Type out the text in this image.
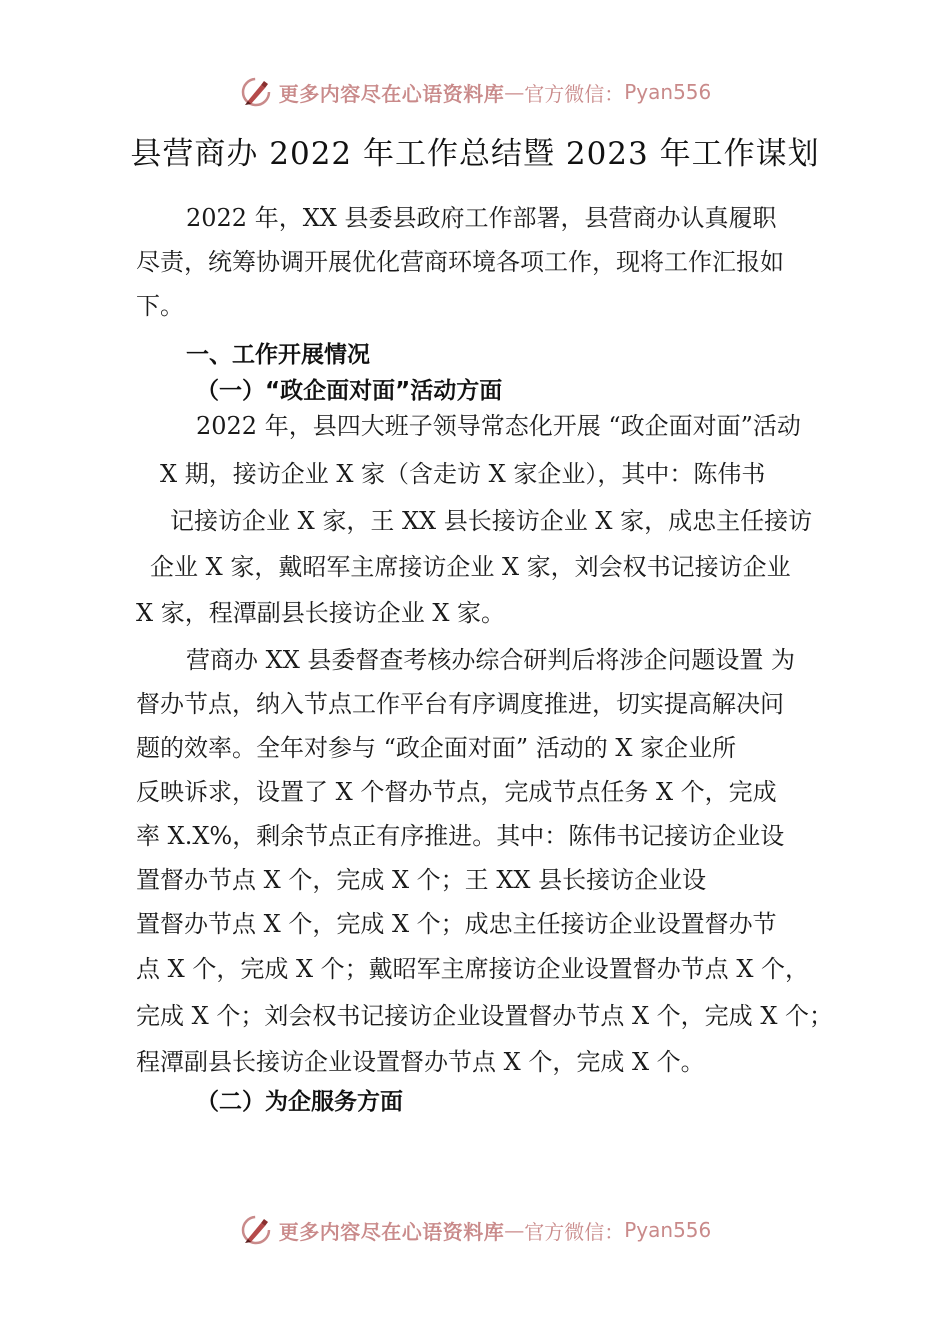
更多内容尽在心语资料库 — 官方微信： Pyan556
县营商办 2022 年工作总结暨 2023 年工作谋划
2022 年，XX 县委县政府工作部署，县营商办认真履职
尽责，统筹协调开展优化营商环境各项工作，现将工作汇报如
下。
一、工作开展情况
（一）“政企面对面”活动方面
2022 年，县四大班子领导常态化开展 “政企面对面”活动
X 期，接访企业 X 家（含走访 X 家企业），其中：陈伟书
记接访企业 X 家，王 XX 县长接访企业 X 家，成忠主任接访
企业 X 家，戴昭军主席接访企业 X 家，刘会权书记接访企业
X 家，程潭副县长接访企业 X 家。
营商办 XX 县委督查考核办综合研判后将涉企问题设置 为
督办节点，纳入节点工作平台有序调度推进，切实提高解决问
题的效率。全年对参与 “政企面对面” 活动的 X 家企业所
反映诉求，设置了 X 个督办节点，完成节点任务 X 个，完成
率 X.X%，剩余节点正有序推进。其中：陈伟书记接访企业设
置督办节点 X 个，完成 X 个；王 XX 县长接访企业设
置督办节点 X 个，完成 X 个；成忠主任接访企业设置督办节
点 X 个，完成 X 个；戴昭军主席接访企业设置督办节点 X 个，
完成 X 个；刘会权书记接访企业设置督办节点 X 个，完成 X 个；
程潭副县长接访企业设置督办节点 X 个，完成 X 个。
（二）为企服务方面
更多内容尽在心语资料库 — 官方微信： Pyan556
